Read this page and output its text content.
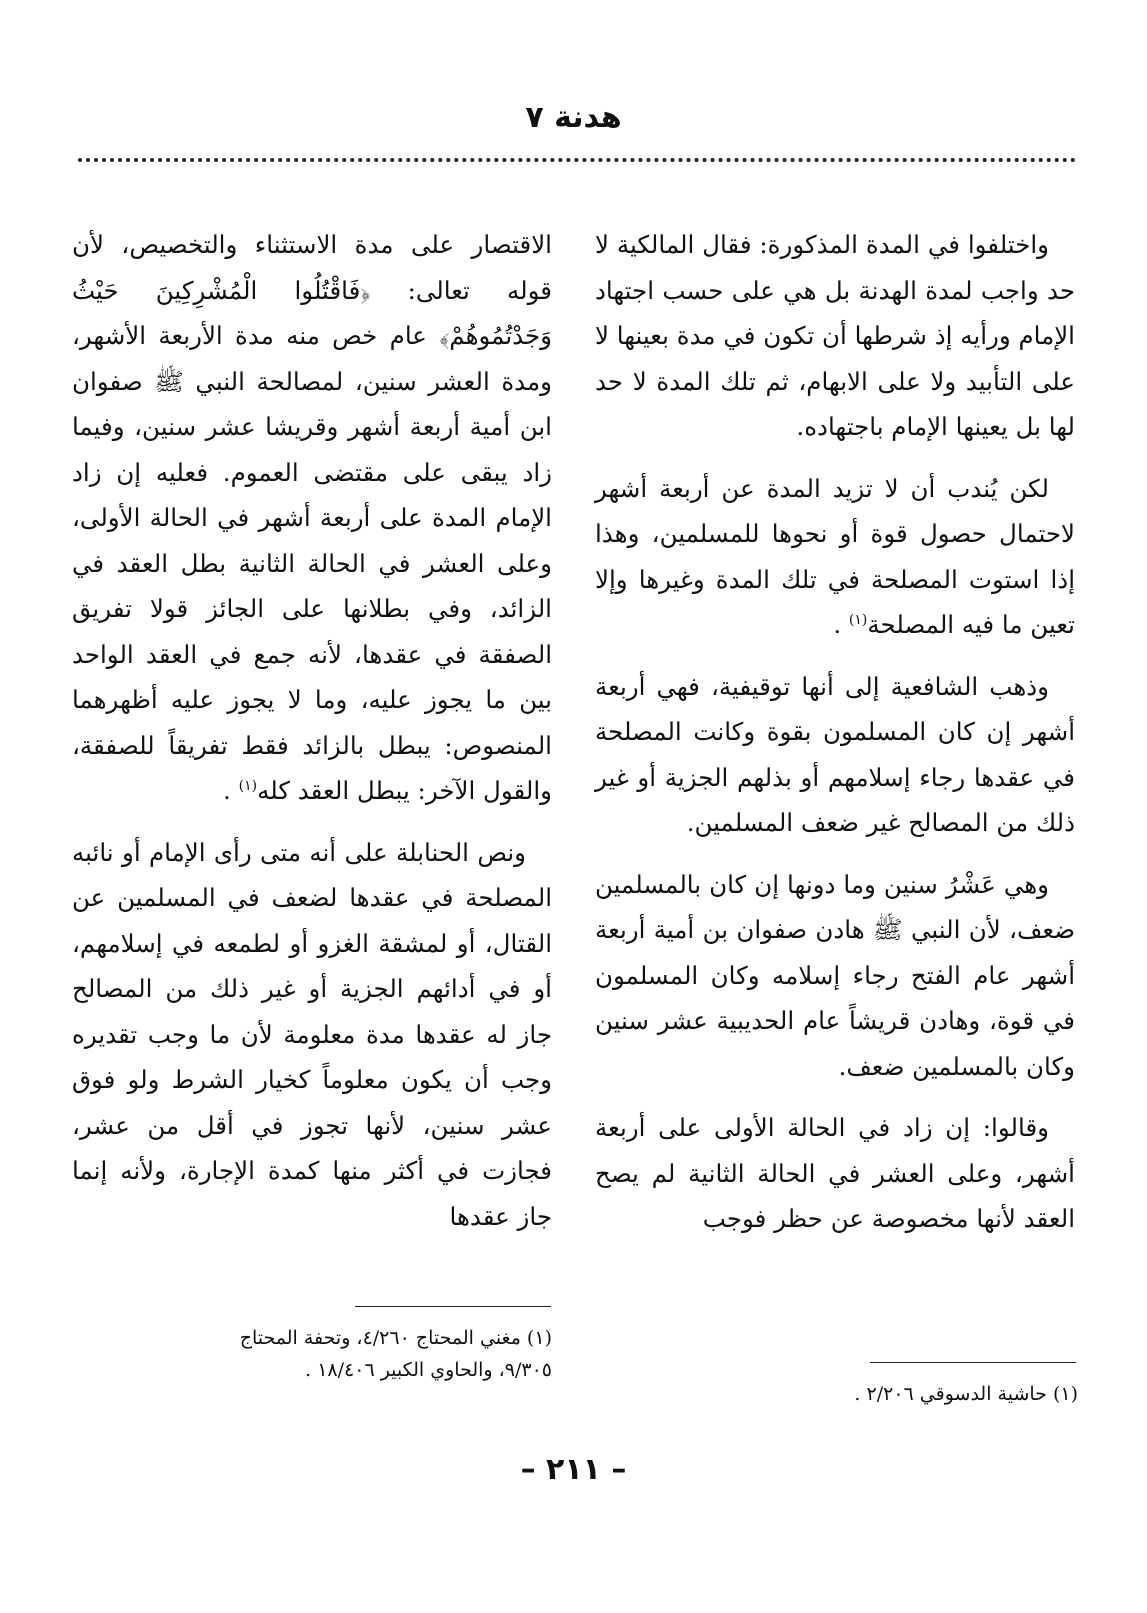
هدنة ٧

واختلفوا في المدة المذكورة: فقال المالكية لا حد واجب لمدة الهدنة بل هي على حسب اجتهاد الإمام ورأيه إذ شرطها أن تكون في مدة بعينها لا على التأبيد ولا على الابهام، ثم تلك المدة لا حد لها بل يعينها الإمام باجتهاده.

لكن يُندب أن لا تزيد المدة عن أربعة أشهر لاحتمال حصول قوة أو نحوها للمسلمين، وهذا إذا استوت المصلحة في تلك المدة وغيرها وإلا تعين ما فيه المصلحة$^{(١)}$ .

وذهب الشافعية إلى أنها توقيفية، فهي أربعة أشهر إن كان المسلمون بقوة وكانت المصلحة في عقدها رجاء إسلامهم أو بذلهم الجزية أو غير ذلك من المصالح غير ضعف المسلمين.

وهي عَشْرُ سنين وما دونها إن كان بالمسلمين ضعف، لأن النبي ﷺ هادن صفوان بن أمية أربعة أشهر عام الفتح رجاء إسلامه وكان المسلمون في قوة، وهادن قريشاً عام الحديبية عشر سنين وكان بالمسلمين ضعف.

وقالوا: إن زاد في الحالة الأولى على أربعة أشهر، وعلى العشر في الحالة الثانية لم يصح العقد لأنها مخصوصة عن حظر فوجب

الاقتصار على مدة الاستثناء والتخصيص، لأن قوله تعالى: ﴿فَاقْتُلُوا الْمُشْرِكِينَ حَيْثُ وَجَدْتُمُوهُمْ﴾ عام خص منه مدة الأربعة الأشهر، ومدة العشر سنين، لمصالحة النبي ﷺ صفوان ابن أمية أربعة أشهر وقريشا عشر سنين، وفيما زاد يبقى على مقتضى العموم. فعليه إن زاد الإمام المدة على أربعة أشهر في الحالة الأولى، وعلى العشر في الحالة الثانية بطل العقد في الزائد، وفي بطلانها على الجائز قولا تفريق الصفقة في عقدها، لأنه جمع في العقد الواحد بين ما يجوز عليه، وما لا يجوز عليه أظهرهما المنصوص: يبطل بالزائد فقط تفريقاً للصفقة، والقول الآخر: يبطل العقد كله$^{(١)}$ .

ونص الحنابلة على أنه متى رأى الإمام أو نائبه المصلحة في عقدها لضعف في المسلمين عن القتال، أو لمشقة الغزو أو لطمعه في إسلامهم، أو في أدائهم الجزية أو غير ذلك من المصالح جاز له عقدها مدة معلومة لأن ما وجب تقديره وجب أن يكون معلوماً كخيار الشرط ولو فوق عشر سنين، لأنها تجوز في أقل من عشر، فجازت في أكثر منها كمدة الإجارة، ولأنه إنما جاز عقدها

(١) حاشية الدسوقي ٢/٢٠٦ .
(١) مغني المحتاج ٤/٢٦٠، وتحفة المحتاج
٩/٣٠٥، والحاوي الكبير ١٨/٤٠٦ .
– ٢١١ –
